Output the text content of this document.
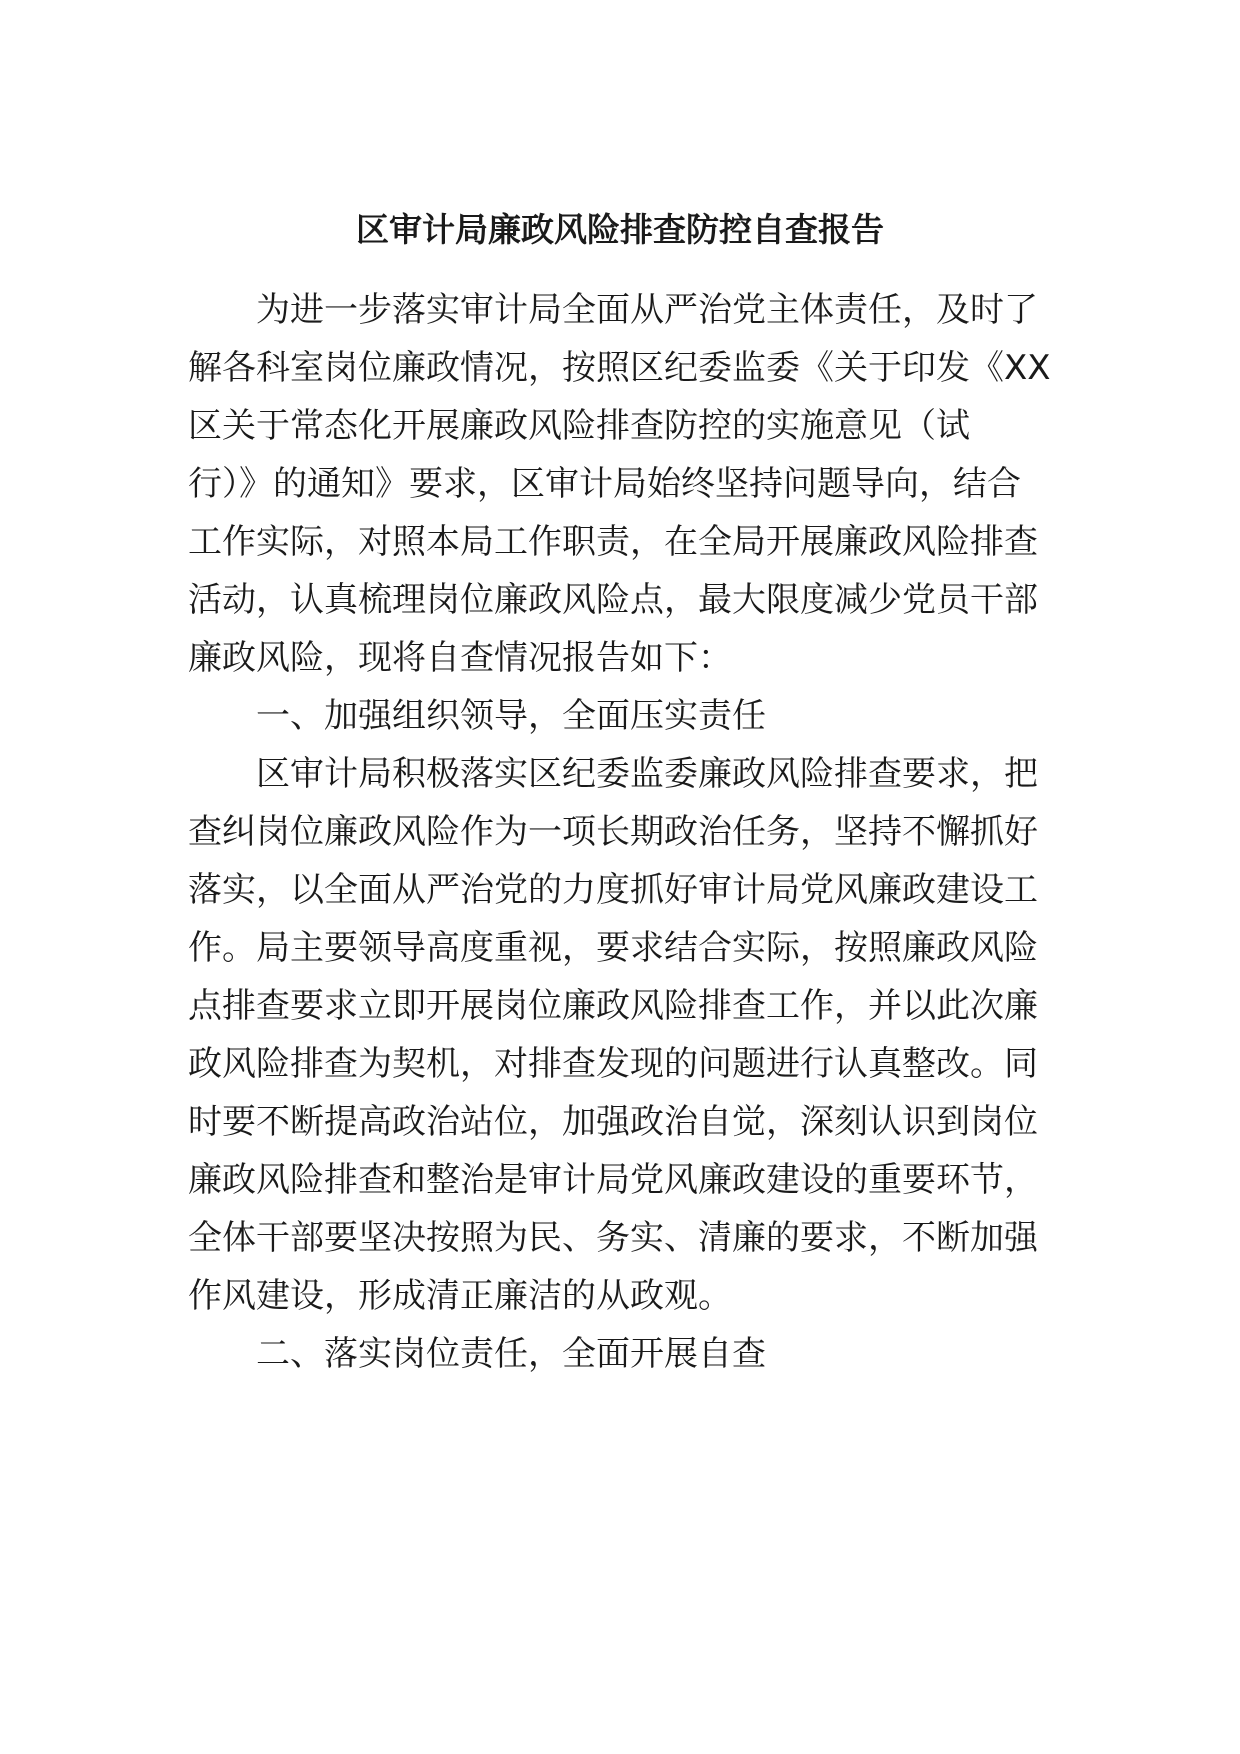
区审计局廉政风险排查防控自查报告
为进一步落实审计局全面从严治党主体责任，及时了
解各科室岗位廉政情况，按照区纪委监委《关于印发《XX
区关于常态化开展廉政风险排查防控的实施意见（试
行）》的通知》要求，区审计局始终坚持问题导向，结合
工作实际，对照本局工作职责，在全局开展廉政风险排查
活动，认真梳理岗位廉政风险点，最大限度减少党员干部
廉政风险，现将自查情况报告如下：
一、加强组织领导，全面压实责任
区审计局积极落实区纪委监委廉政风险排查要求，把
查纠岗位廉政风险作为一项长期政治任务，坚持不懈抓好
落实，以全面从严治党的力度抓好审计局党风廉政建设工
作。局主要领导高度重视，要求结合实际，按照廉政风险
点排查要求立即开展岗位廉政风险排查工作，并以此次廉
政风险排查为契机，对排查发现的问题进行认真整改。同
时要不断提高政治站位，加强政治自觉，深刻认识到岗位
廉政风险排查和整治是审计局党风廉政建设的重要环节，
全体干部要坚决按照为民、务实、清廉的要求，不断加强
作风建设，形成清正廉洁的从政观。
二、落实岗位责任，全面开展自查
